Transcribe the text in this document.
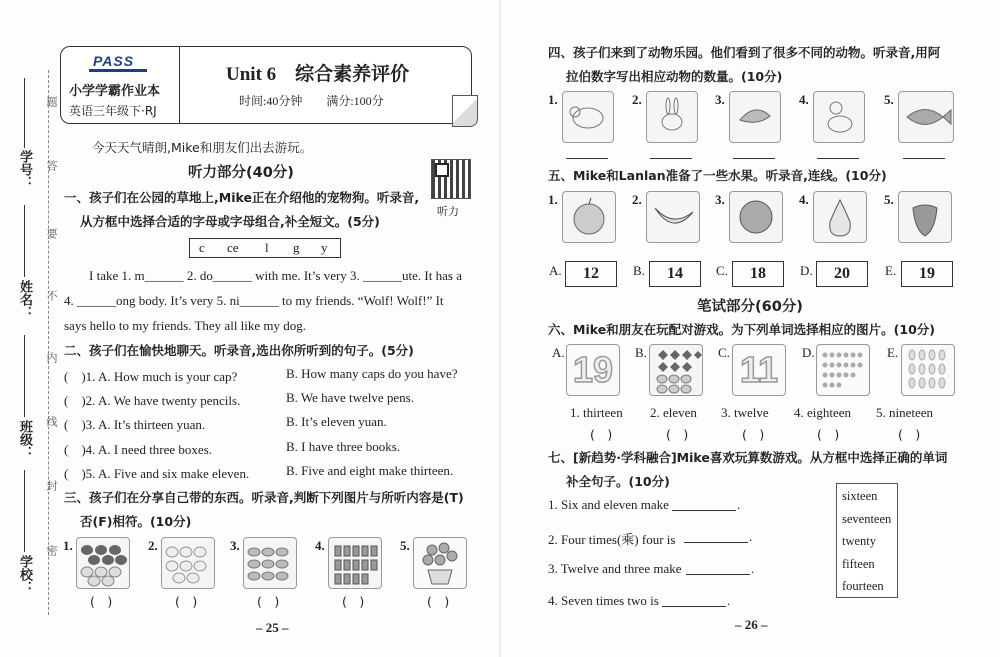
学号：
姓名：
班级：
学校：
题
答
要
不
内
线
封
密
PASS
小学学霸作业本
英语三年级下·RJ
Unit 6　综合素养评价
时间:40分钟　　满分:100分
今天天气晴朗,Mike和朋友们出去游玩。
听力部分(40分)
听力
一、孩子们在公园的草地上,Mike正在介绍他的宠物狗。听录音,
从方框中选择合适的字母或字母组合,补全短文。(5分)
c ce l g y
I take 1. m______ 2. do______ with me. It’s very 3. ______ute. It has a
4. ______ong body. It’s very 5. ni______ to my friends. “Wolf! Wolf!” It
says hello to my friends. They all like my dog.
二、孩子们在愉快地聊天。听录音,选出你所听到的句子。(5分)
(　)1. A. How much is your cap?	B. How many caps do you have?
(　)2. A. We have twenty pencils.	B. We have twelve pens.
(　)3. A. It’s thirteen yuan.	B. It’s eleven yuan.
(　)4. A. I need three boxes.	B. I have three books.
(　)5. A. Five and six make eleven.	B. Five and eight make thirteen.
三、孩子们在分享自己带的东西。听录音,判断下列图片与所听内容是(T)
否(F)相符。(10分)
1.
(　)
2.
(　)
3.
(　)
4.
(　)
5.
(　)
– 25 –
四、孩子们来到了动物乐园。他们看到了很多不同的动物。听录音,用阿
拉伯数字写出相应动物的数量。(10分)
1.	2.	3.	4.	5.
五、Mike和Lanlan准备了一些水果。听录音,连线。(10分)
1.	2.	3.	4.	5.
A.	12	B.	14	C.	18	D.	20	E.	19
笔试部分(60分)
六、Mike和朋友在玩配对游戏。为下列单词选择相应的图片。(10分)
A. 19	B.	C. 11	D.	E.
1. thirteen 2. eleven 3. twelve 4. eighteen 5. nineteen
(　)	(　)	(　)	(　)	(　)
七、[新趋势·学科融合]Mike喜欢玩算数游戏。从方框中选择正确的单词
补全句子。(10分)
1. Six and eleven make	.
2. Four times(乘) four is	.
3. Twelve and three make	.
4. Seven times two is	.
sixteen
seventeen
twenty
fifteen
fourteen
– 26 –
